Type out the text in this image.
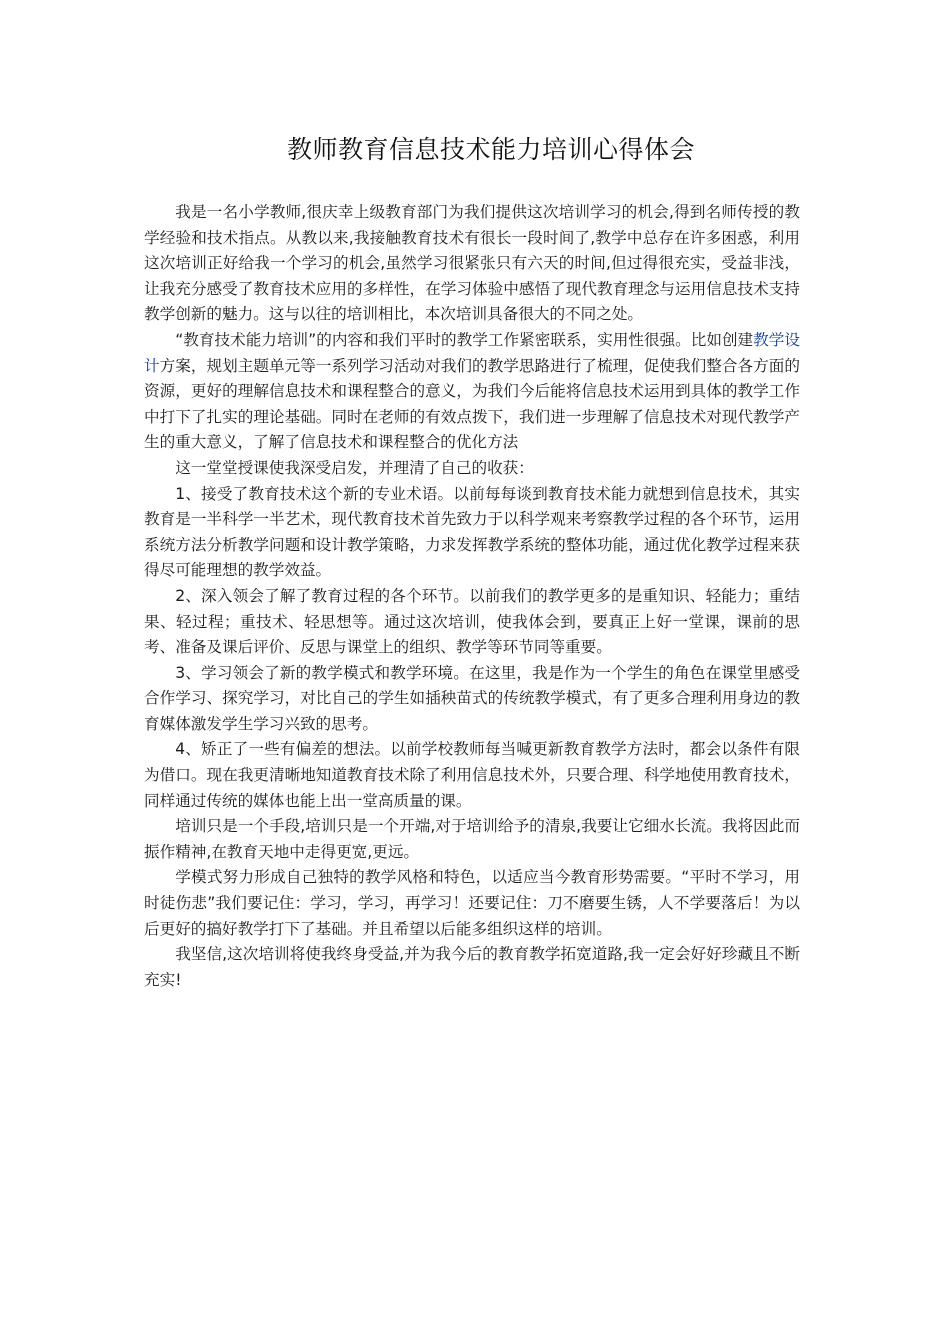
教师教育信息技术能力培训心得体会

我是一名小学教师,很庆幸上级教育部门为我们提供这次培训学习的机会,得到名师传授的教学经验和技术指点。从教以来,我接触教育技术有很长一段时间了,教学中总存在许多困惑，利用这次培训正好给我一个学习的机会,虽然学习很紧张只有六天的时间,但过得很充实，受益非浅，让我充分感受了教育技术应用的多样性，在学习体验中感悟了现代教育理念与运用信息技术支持教学创新的魅力。这与以往的培训相比，本次培训具备很大的不同之处。

“教育技术能力培训”的内容和我们平时的教学工作紧密联系，实用性很强。比如创建教学设计方案，规划主题单元等一系列学习活动对我们的教学思路进行了梳理，促使我们整合各方面的资源，更好的理解信息技术和课程整合的意义，为我们今后能将信息技术运用到具体的教学工作中打下了扎实的理论基础。同时在老师的有效点拨下，我们进一步理解了信息技术对现代教学产生的重大意义，了解了信息技术和课程整合的优化方法

这一堂堂授课使我深受启发，并理清了自己的收获：

1、接受了教育技术这个新的专业术语。以前每每谈到教育技术能力就想到信息技术，其实教育是一半科学一半艺术，现代教育技术首先致力于以科学观来考察教学过程的各个环节，运用系统方法分析教学问题和设计教学策略，力求发挥教学系统的整体功能，通过优化教学过程来获得尽可能理想的教学效益。

2、深入领会了解了教育过程的各个环节。以前我们的教学更多的是重知识、轻能力；重结果、轻过程；重技术、轻思想等。通过这次培训，使我体会到，要真正上好一堂课，课前的思考、准备及课后评价、反思与课堂上的组织、教学等环节同等重要。

3、学习领会了新的教学模式和教学环境。在这里，我是作为一个学生的角色在课堂里感受合作学习、探究学习，对比自己的学生如插秧苗式的传统教学模式，有了更多合理利用身边的教育媒体激发学生学习兴致的思考。

4、矫正了一些有偏差的想法。以前学校教师每当喊更新教育教学方法时，都会以条件有限为借口。现在我更清晰地知道教育技术除了利用信息技术外，只要合理、科学地使用教育技术，同样通过传统的媒体也能上出一堂高质量的课。

培训只是一个手段,培训只是一个开端,对于培训给予的清泉,我要让它细水长流。我将因此而振作精神,在教育天地中走得更宽,更远。

学模式努力形成自己独特的教学风格和特色，以适应当今教育形势需要。“平时不学习，用时徒伤悲”我们要记住：学习，学习，再学习！还要记住：刀不磨要生锈，人不学要落后！为以后更好的搞好教学打下了基础。并且希望以后能多组织这样的培训。

我坚信,这次培训将使我终身受益,并为我今后的教育教学拓宽道路,我一定会好好珍藏且不断充实!
